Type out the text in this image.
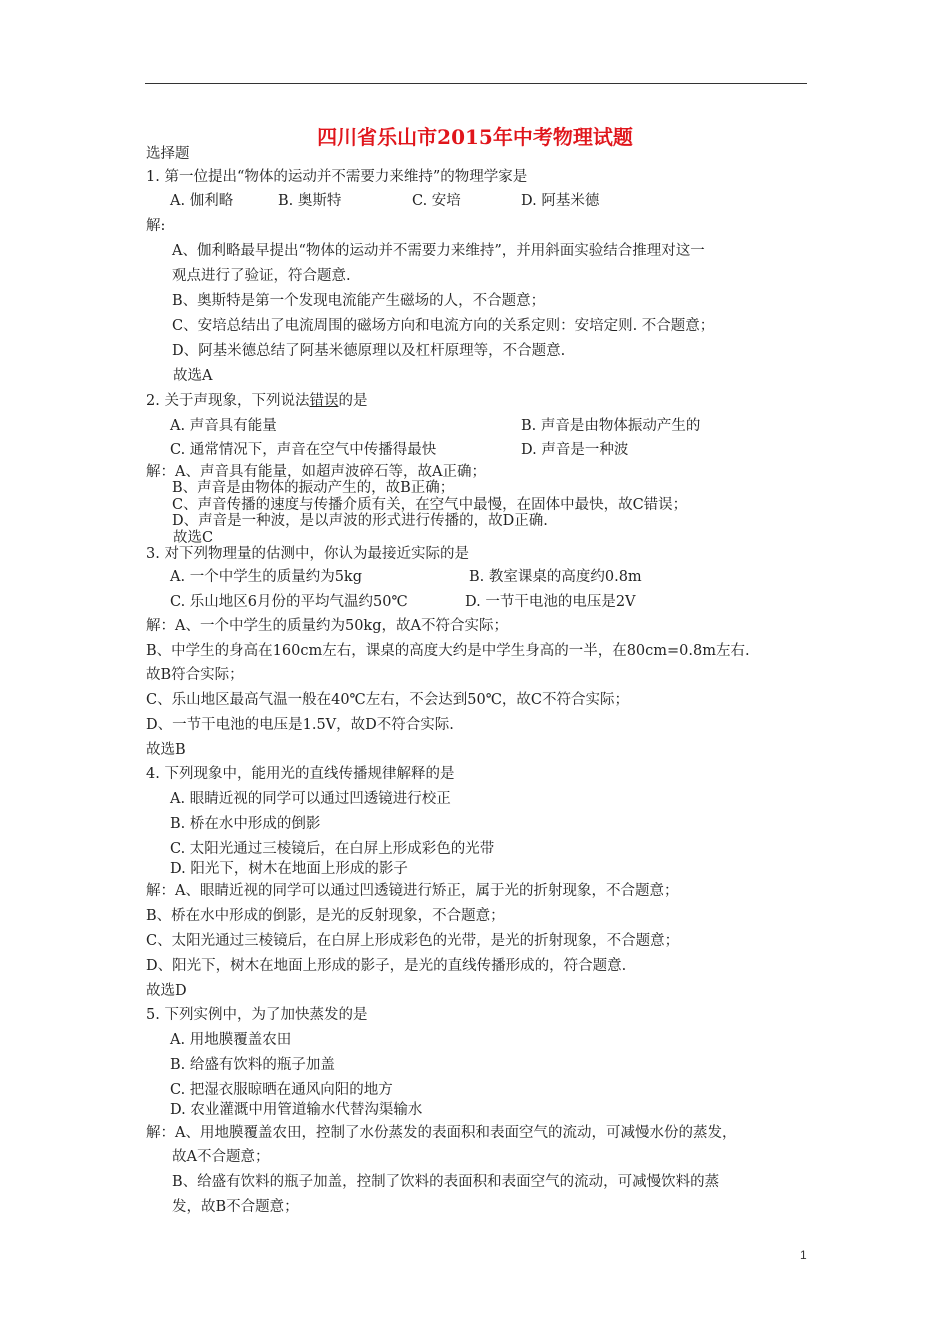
四川省乐山市2015年中考物理试题
选择题
1. 第一位提出“物体的运动并不需要力来维持”的物理学家是
A. 伽利略	B. 奥斯特	C. 安培	D. 阿基米德
解:
A、伽利略最早提出“物体的运动并不需要力来维持”，并用斜面实验结合推理对这一
观点进行了验证，符合题意.
B、奥斯特是第一个发现电流能产生磁场的人，不合题意；
C、安培总结出了电流周围的磁场方向和电流方向的关系定则：安培定则. 不合题意；
D、阿基米德总结了阿基米德原理以及杠杆原理等，不合题意.
故选A
2. 关于声现象，下列说法错误的是
A. 声音具有能量	B. 声音是由物体振动产生的
C. 通常情况下，声音在空气中传播得最快	D. 声音是一种波
解：A、声音具有能量，如超声波碎石等，故A正确；
B、声音是由物体的振动产生的，故B正确；
C、声音传播的速度与传播介质有关，在空气中最慢，在固体中最快，故C错误；
D、声音是一种波，是以声波的形式进行传播的，故D正确.
故选C
3. 对下列物理量的估测中，你认为最接近实际的是
A. 一个中学生的质量约为5kg	B. 教室课桌的高度约0.8m
C. 乐山地区6月份的平均气温约50℃	D. 一节干电池的电压是2V
解：A、一个中学生的质量约为50kg，故A不符合实际；
B、中学生的身高在160cm左右，课桌的高度大约是中学生身高的一半，在80cm=0.8m左右.
故B符合实际；
C、乐山地区最高气温一般在40℃左右，不会达到50℃，故C不符合实际；
D、一节干电池的电压是1.5V，故D不符合实际.
故选B
4. 下列现象中，能用光的直线传播规律解释的是
A. 眼睛近视的同学可以通过凹透镜进行校正
B. 桥在水中形成的倒影
C. 太阳光通过三棱镜后，在白屏上形成彩色的光带
D. 阳光下，树木在地面上形成的影子
解：A、眼睛近视的同学可以通过凹透镜进行矫正，属于光的折射现象，不合题意；
B、桥在水中形成的倒影，是光的反射现象，不合题意；
C、太阳光通过三棱镜后，在白屏上形成彩色的光带，是光的折射现象，不合题意；
D、阳光下，树木在地面上形成的影子，是光的直线传播形成的，符合题意.
故选D
5. 下列实例中，为了加快蒸发的是
A. 用地膜覆盖农田
B. 给盛有饮料的瓶子加盖
C. 把湿衣服晾晒在通风向阳的地方
D. 农业灌溉中用管道输水代替沟渠输水
解：A、用地膜覆盖农田，控制了水份蒸发的表面积和表面空气的流动，可减慢水份的蒸发，
故A不合题意；
B、给盛有饮料的瓶子加盖，控制了饮料的表面积和表面空气的流动，可减慢饮料的蒸
发，故B不合题意；
1
